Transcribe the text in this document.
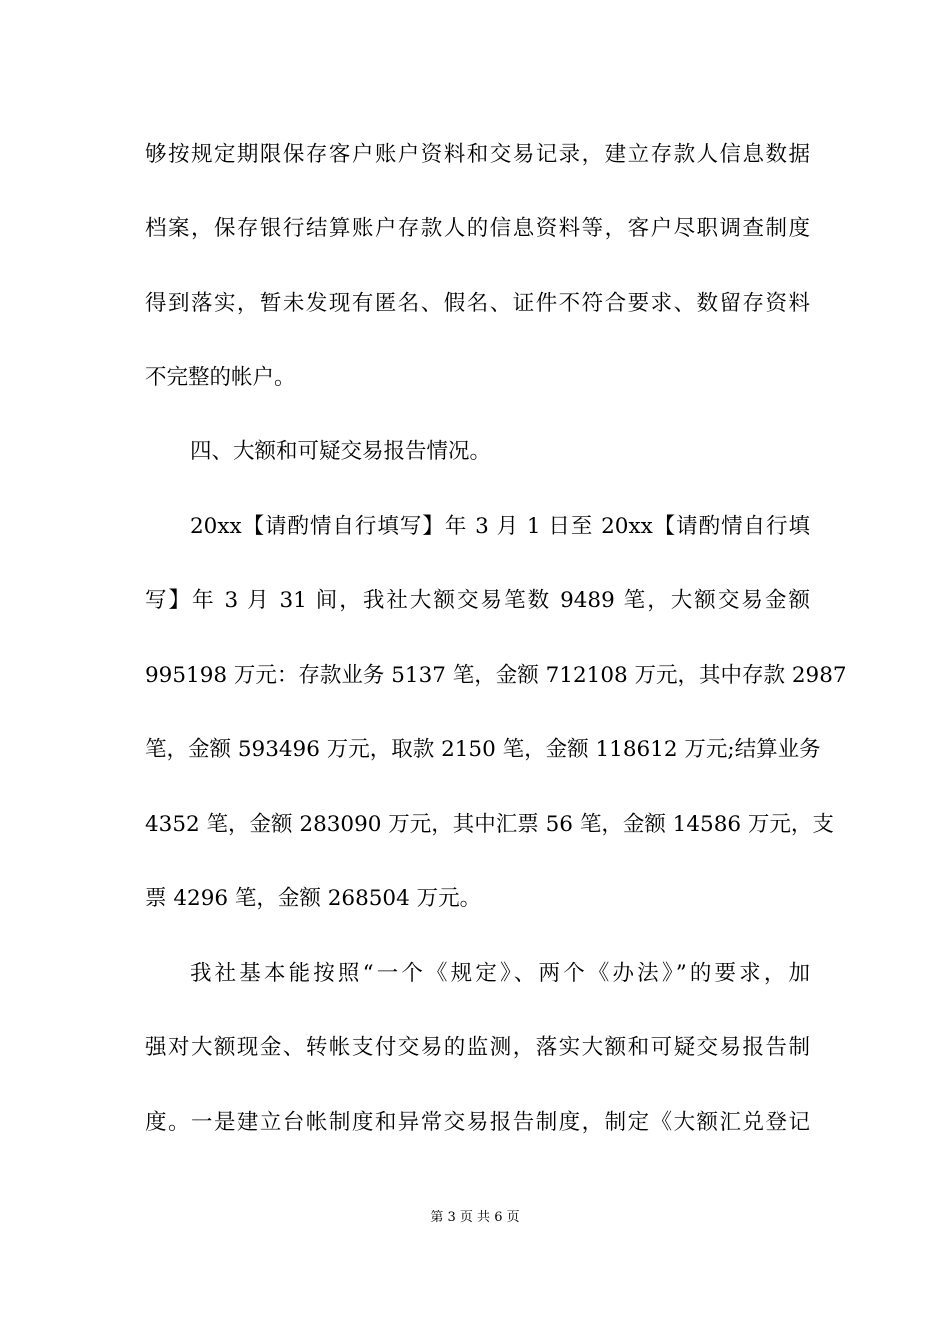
够按规定期限保存客户账户资料和交易记录，建立存款人信息数据
档案，保存银行结算账户存款人的信息资料等，客户尽职调查制度
得到落实，暂未发现有匿名、假名、证件不符合要求、数留存资料
不完整的帐户。
四、大额和可疑交易报告情况。
20xx【请酌情自行填写】年 3 月 1 日至 20xx【请酌情自行填
写】年 3 月 31 间，我社大额交易笔数 9489 笔，大额交易金额
995198 万元：存款业务 5137 笔，金额 712108 万元，其中存款 2987
笔，金额 593496 万元，取款 2150 笔，金额 118612 万元;结算业务
4352 笔，金额 283090 万元，其中汇票 56 笔，金额 14586 万元，支
票 4296 笔，金额 268504 万元。
我社基本能按照“一个《规定》、两个《办法》”的要求，加
强对大额现金、转帐支付交易的监测，落实大额和可疑交易报告制
度。一是建立台帐制度和异常交易报告制度，制定《大额汇兑登记
第 3 页 共 6 页
